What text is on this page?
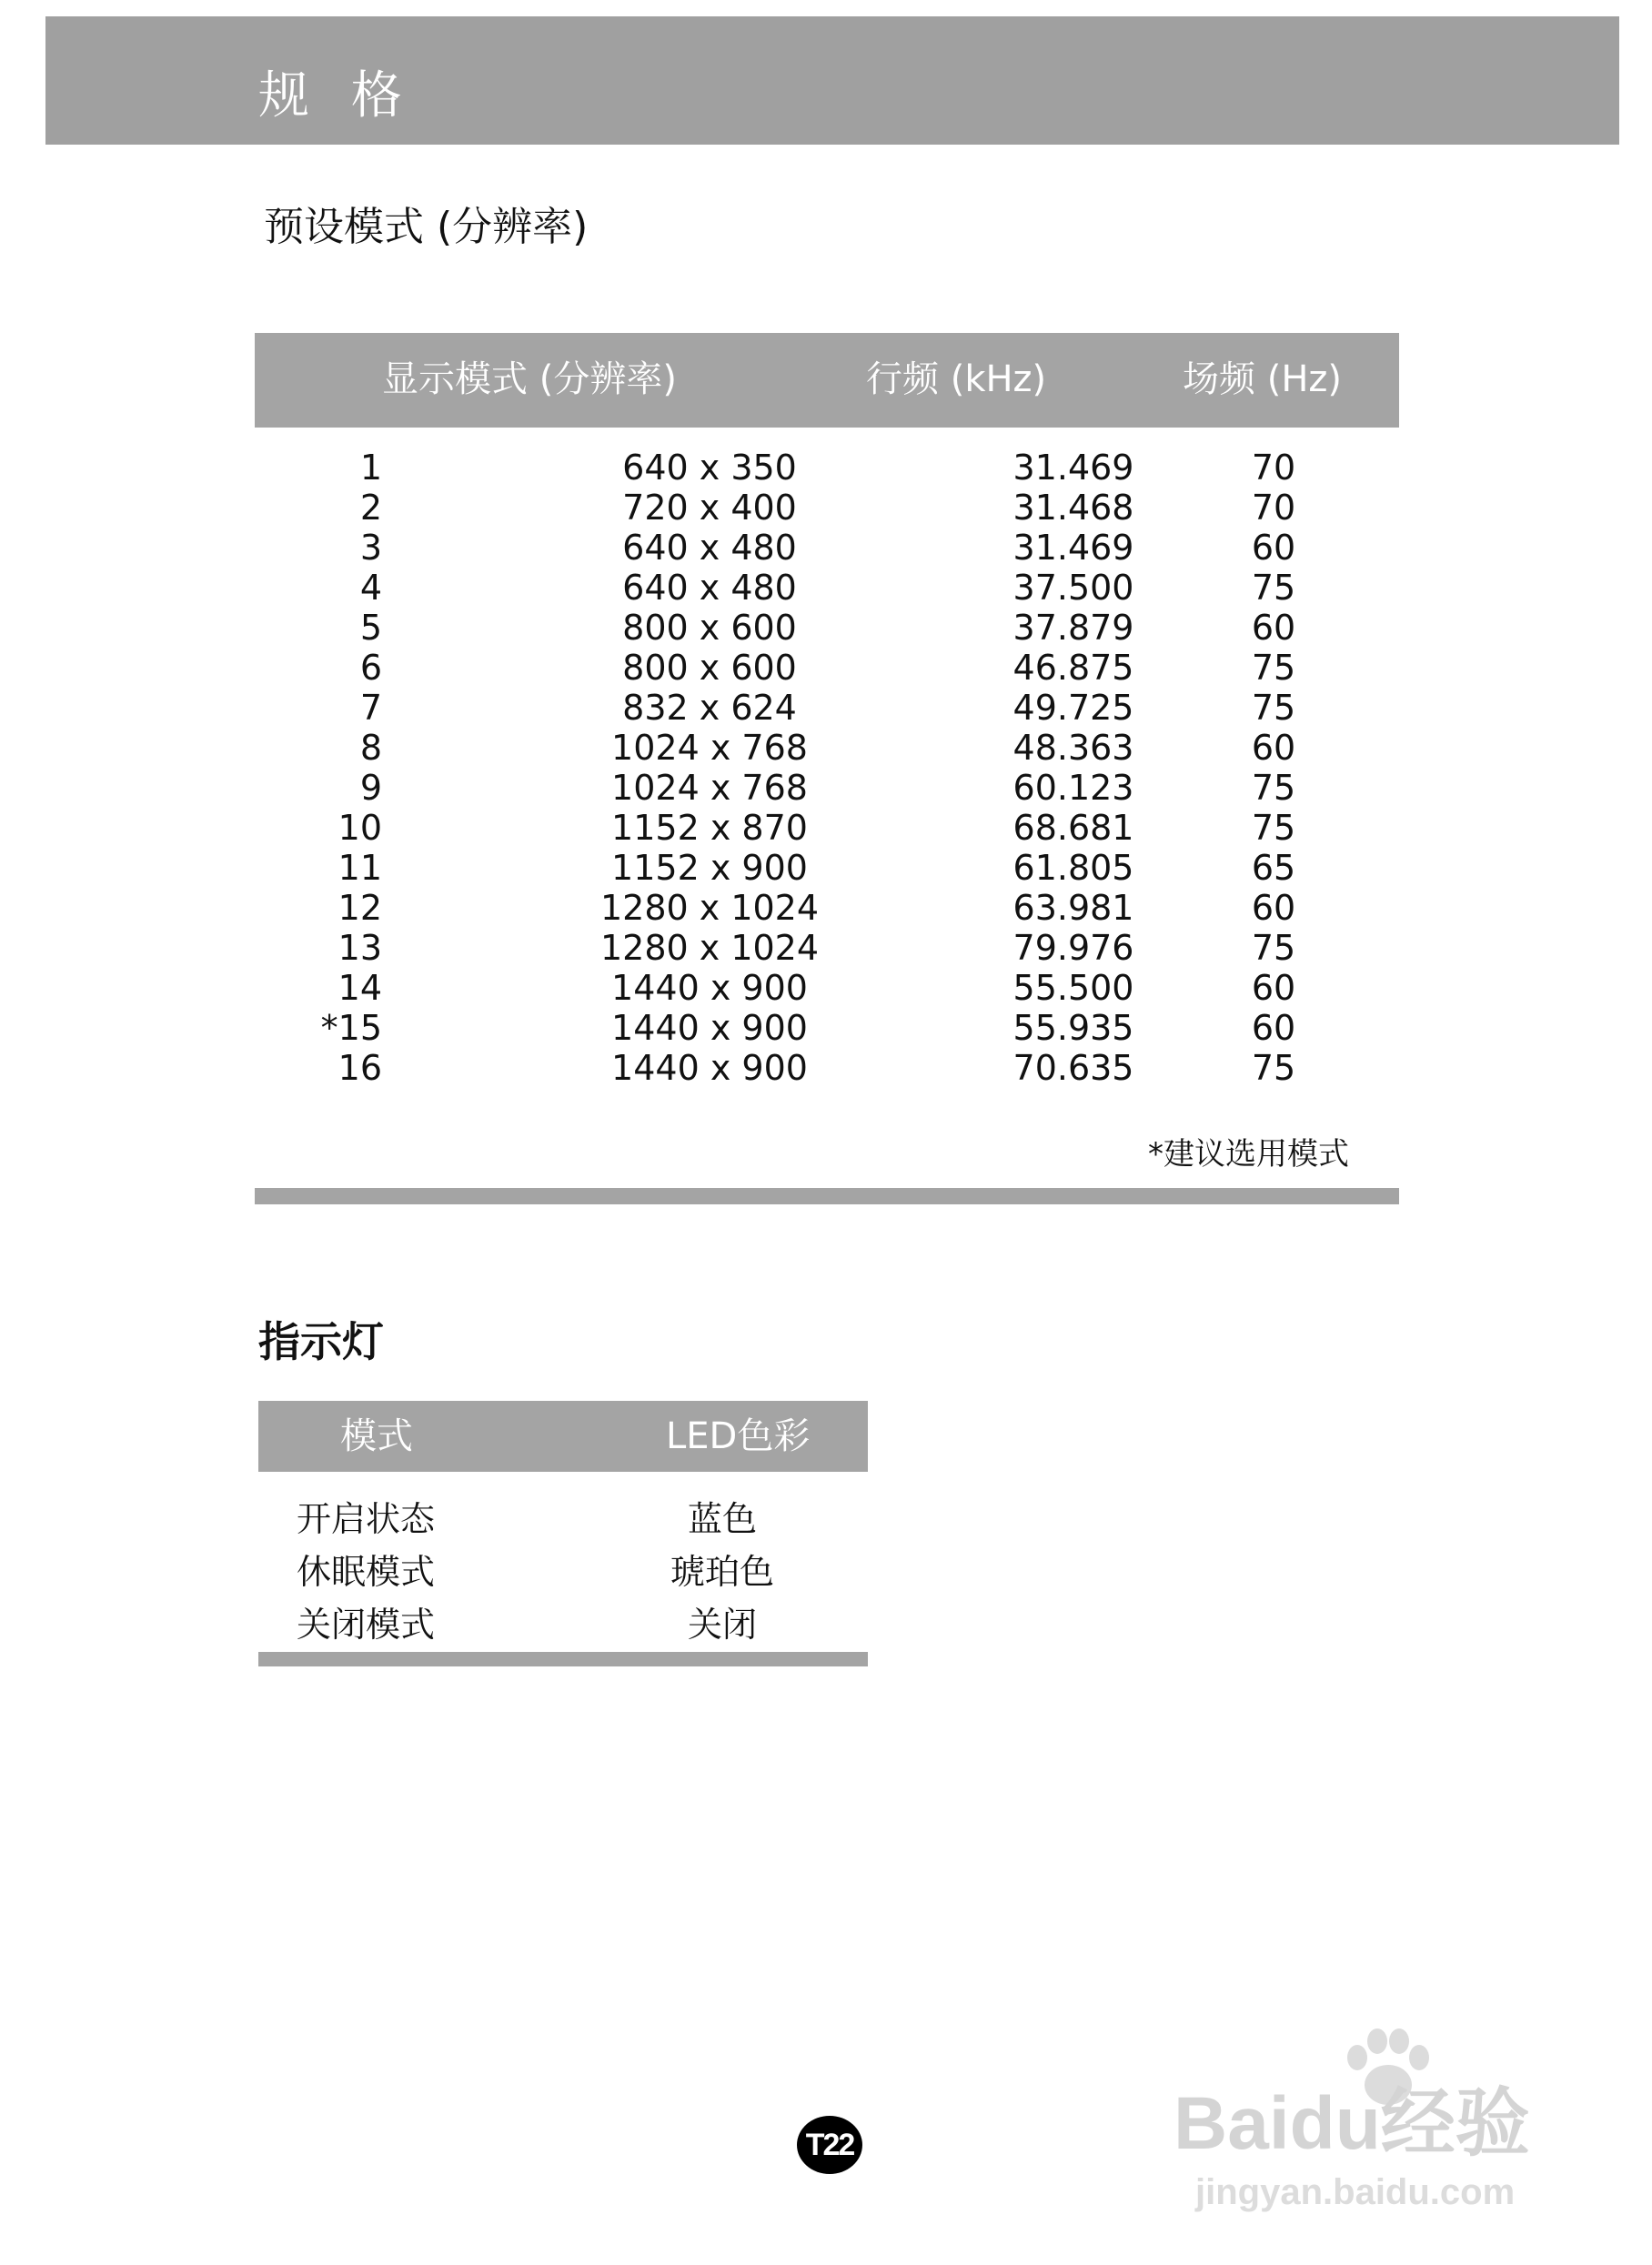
规 格
预设模式 (分辨率)
显示模式 (分辨率)	行频 (kHz)	场频 (Hz)
1	640 x 350	31.469	70
2	720 x 400	31.468	70
3	640 x 480	31.469	60
4	640 x 480	37.500	75
5	800 x 600	37.879	60
6	800 x 600	46.875	75
7	832 x 624	49.725	75
8	1024 x 768	48.363	60
9	1024 x 768	60.123	75
10	1152 x 870	68.681	75
11	1152 x 900	61.805	65
12	1280 x 1024	63.981	60
13	1280 x 1024	79.976	75
14	1440 x 900	55.500	60
*15	1440 x 900	55.935	60
16	1440 x 900	70.635	75
*建议选用模式
指示灯
模式	LED色彩
开启状态	蓝色
休眠模式	琥珀色
关闭模式	关闭
T22	Baidu经验
jingyan.baidu.com
